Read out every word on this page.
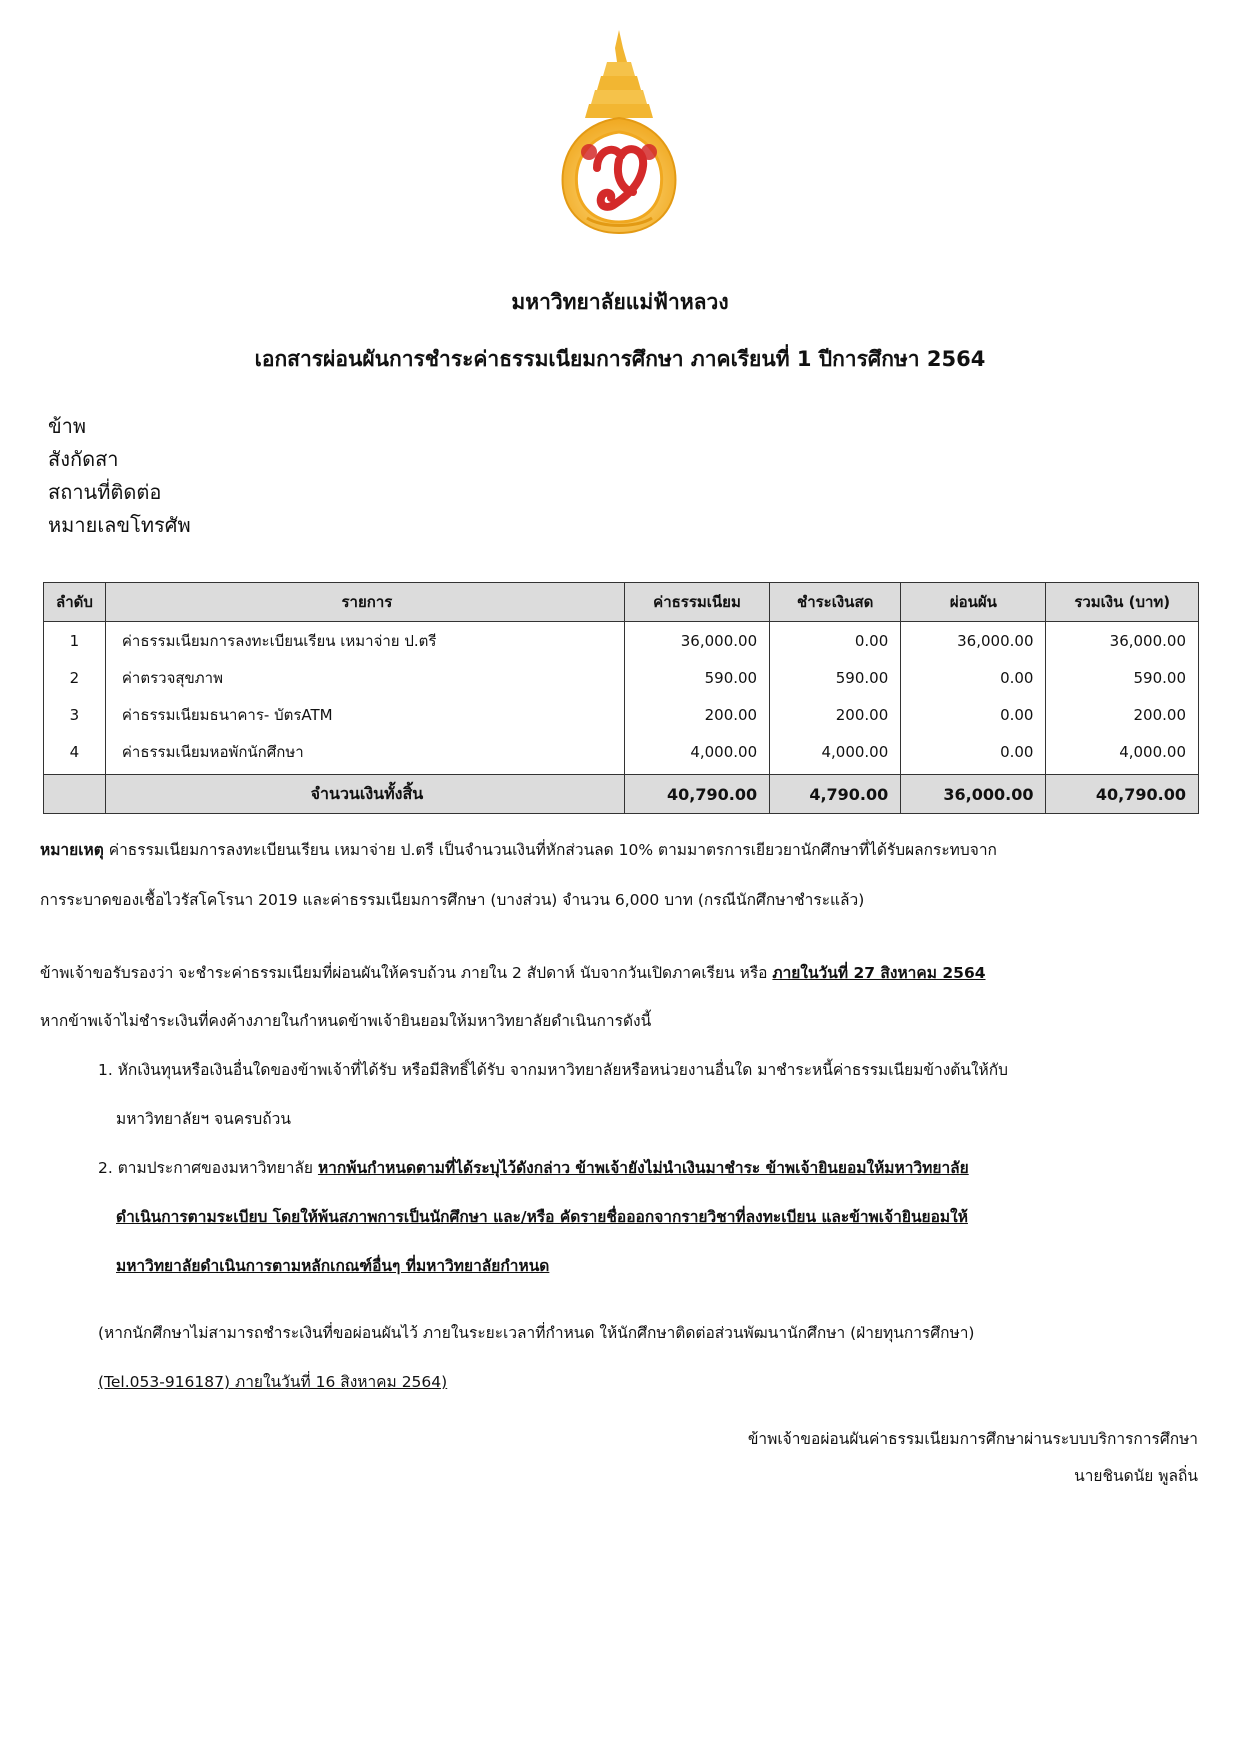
มหาวิทยาลัยแม่ฟ้าหลวง
เอกสารผ่อนผันการชำระค่าธรรมเนียมการศึกษา ภาคเรียนที่ 1 ปีการศึกษา 2564
ข้าพ
สังกัดสา
สถานที่ติดต่อ
หมายเลขโทรศัพ
ลำดับ	รายการ	ค่าธรรมเนียม	ชำระเงินสด	ผ่อนผัน	รวมเงิน (บาท)
1	ค่าธรรมเนียมการลงทะเบียนเรียน เหมาจ่าย ป.ตรี	36,000.00	0.00	36,000.00	36,000.00
2	ค่าตรวจสุขภาพ	590.00	590.00	0.00	590.00
3	ค่าธรรมเนียมธนาคาร- บัตรATM	200.00	200.00	0.00	200.00
4	ค่าธรรมเนียมหอพักนักศึกษา	4,000.00	4,000.00	0.00	4,000.00
	จำนวนเงินทั้งสิ้น	40,790.00	4,790.00	36,000.00	40,790.00
หมายเหตุ ค่าธรรมเนียมการลงทะเบียนเรียน เหมาจ่าย ป.ตรี เป็นจำนวนเงินที่หักส่วนลด 10% ตามมาตรการเยียวยานักศึกษาที่ได้รับผลกระทบจาก
การระบาดของเชื้อไวรัสโคโรนา 2019 และค่าธรรมเนียมการศึกษา (บางส่วน) จำนวน 6,000 บาท (กรณีนักศึกษาชำระแล้ว)
ข้าพเจ้าขอรับรองว่า จะชำระค่าธรรมเนียมที่ผ่อนผันให้ครบถ้วน ภายใน 2 สัปดาห์ นับจากวันเปิดภาคเรียน หรือ ภายในวันที่ 27 สิงหาคม 2564
หากข้าพเจ้าไม่ชำระเงินที่คงค้างภายในกำหนดข้าพเจ้ายินยอมให้มหาวิทยาลัยดำเนินการดังนี้
1. หักเงินทุนหรือเงินอื่นใดของข้าพเจ้าที่ได้รับ หรือมีสิทธิ์ได้รับ จากมหาวิทยาลัยหรือหน่วยงานอื่นใด มาชำระหนี้ค่าธรรมเนียมข้างต้นให้กับ
มหาวิทยาลัยฯ จนครบถ้วน
2. ตามประกาศของมหาวิทยาลัย หากพ้นกำหนดตามที่ได้ระบุไว้ดังกล่าว ข้าพเจ้ายังไม่นำเงินมาชำระ ข้าพเจ้ายินยอมให้มหาวิทยาลัย
ดำเนินการตามระเบียบ โดยให้พ้นสภาพการเป็นนักศึกษา และ/หรือ คัดรายชื่อออกจากรายวิชาที่ลงทะเบียน และข้าพเจ้ายินยอมให้
มหาวิทยาลัยดำเนินการตามหลักเกณฑ์อื่นๆ ที่มหาวิทยาลัยกำหนด
(หากนักศึกษาไม่สามารถชำระเงินที่ขอผ่อนผันไว้ ภายในระยะเวลาที่กำหนด ให้นักศึกษาติดต่อส่วนพัฒนานักศึกษา (ฝ่ายทุนการศึกษา)
(Tel.053-916187) ภายในวันที่ 16 สิงหาคม 2564)
ข้าพเจ้าขอผ่อนผันค่าธรรมเนียมการศึกษาผ่านระบบบริการการศึกษา
นายชินดนัย พูลถิ่น
